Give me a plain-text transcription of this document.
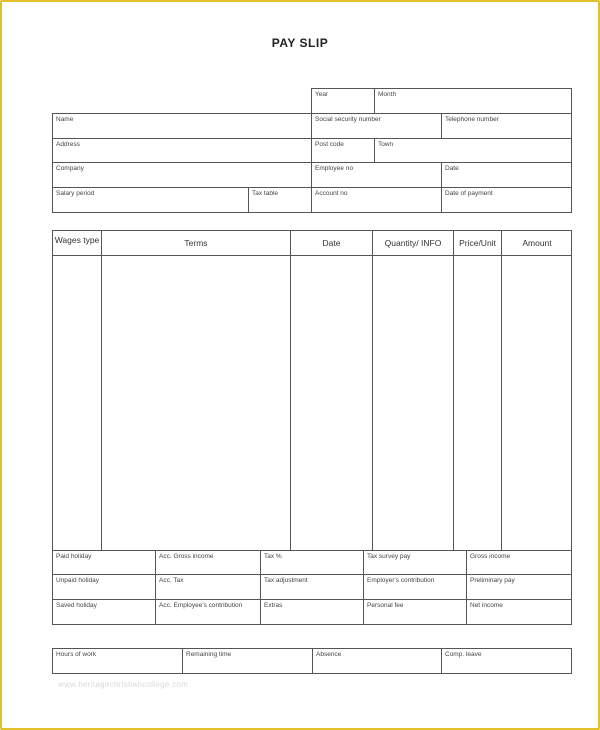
PAY SLIP
Year	Month
Name	Social security number	Telephone number
Address	Post code	Town
Company	Employee no	Date
Salary period	Tax table	Account no	Date of payment
Wages type	Terms	Date	Quantity/ INFO	Price/Unit	Amount
Paid holiday	Acc. Gross income	Tax %	Tax survey pay	Gross income
Unpaid holiday	Acc. Tax	Tax adjustment	Employer's contribution	Preliminary pay
Saved holiday	Acc. Employee's contribution	Extras	Personal fee	Net income
Hours of work	Remaining time	Absence	Comp. leave
www.heritagechristiancollege.com
